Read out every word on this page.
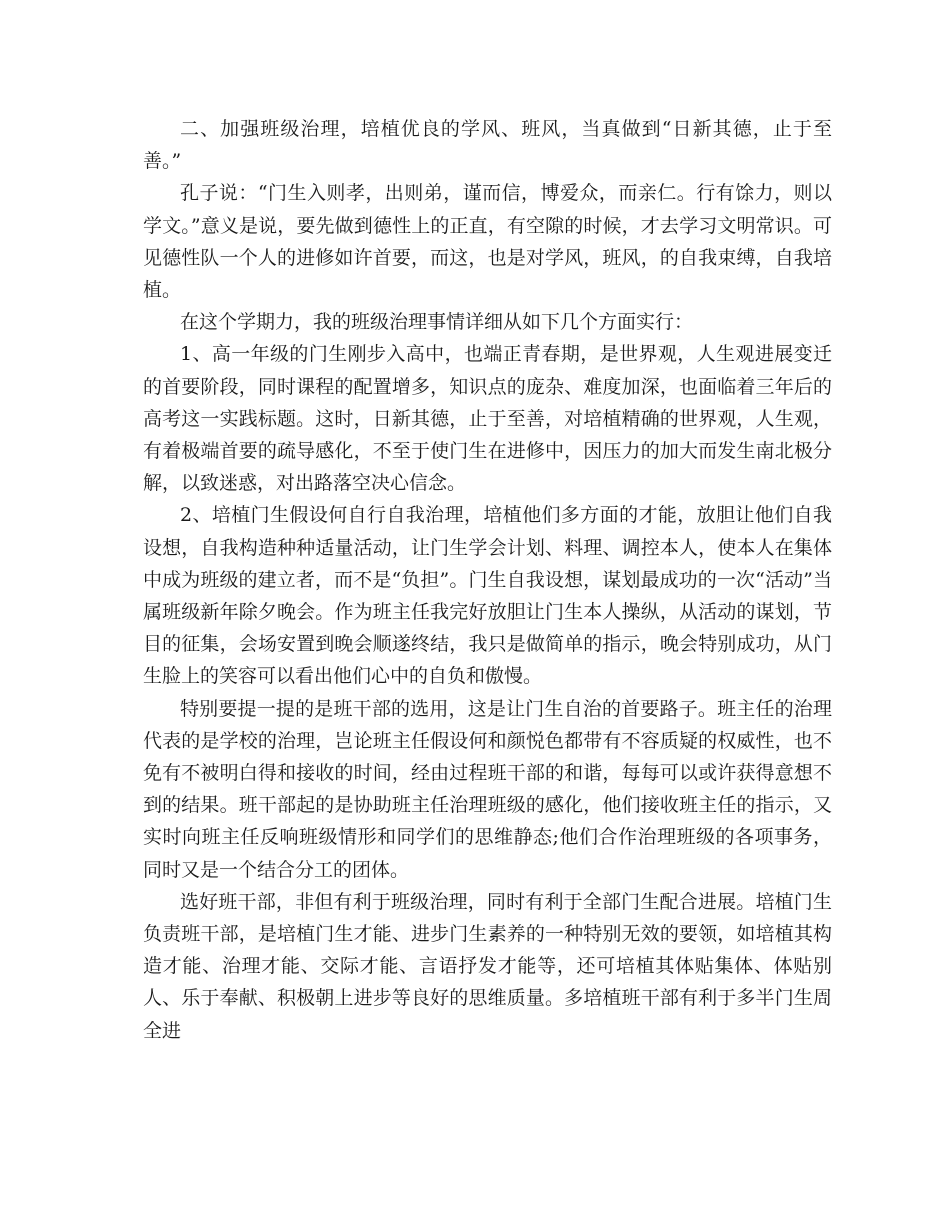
二、加强班级治理，培植优良的学风、班风，当真做到“日新其德，止于至善。”

孔子说：“门生入则孝，出则弟，谨而信，博爱众，而亲仁。行有馀力，则以学文。”意义是说，要先做到德性上的正直，有空隙的时候，才去学习文明常识。可见德性队一个人的进修如许首要，而这，也是对学风，班风，的自我束缚，自我培植。

在这个学期力，我的班级治理事情详细从如下几个方面实行：

1、高一年级的门生刚步入高中，也端正青春期，是世界观，人生观进展变迁的首要阶段，同时课程的配置增多，知识点的庞杂、难度加深，也面临着三年后的高考这一实践标题。这时，日新其德，止于至善，对培植精确的世界观，人生观，有着极端首要的疏导感化，不至于使门生在进修中，因压力的加大而发生南北极分解，以致迷惑，对出路落空决心信念。

2、培植门生假设何自行自我治理，培植他们多方面的才能，放胆让他们自我设想，自我构造种种适量活动，让门生学会计划、料理、调控本人，使本人在集体中成为班级的建立者，而不是“负担”。门生自我设想，谋划最成功的一次“活动”当属班级新年除夕晚会。作为班主任我完好放胆让门生本人操纵，从活动的谋划，节目的征集，会场安置到晚会顺遂终结，我只是做简单的指示，晚会特别成功，从门生脸上的笑容可以看出他们心中的自负和傲慢。

特别要提一提的是班干部的选用，这是让门生自治的首要路子。班主任的治理代表的是学校的治理，岂论班主任假设何和颜悦色都带有不容质疑的权威性，也不免有不被明白得和接收的时间，经由过程班干部的和谐，每每可以或许获得意想不到的结果。班干部起的是协助班主任治理班级的感化，他们接收班主任的指示，又实时向班主任反响班级情形和同学们的思维静态;他们合作治理班级的各项事务，同时又是一个结合分工的团体。

选好班干部，非但有利于班级治理，同时有利于全部门生配合进展。培植门生负责班干部，是培植门生才能、进步门生素养的一种特别无效的要领，如培植其构造才能、治理才能、交际才能、言语抒发才能等，还可培植其体贴集体、体贴别人、乐于奉献、积极朝上进步等良好的思维质量。多培植班干部有利于多半门生周全进
